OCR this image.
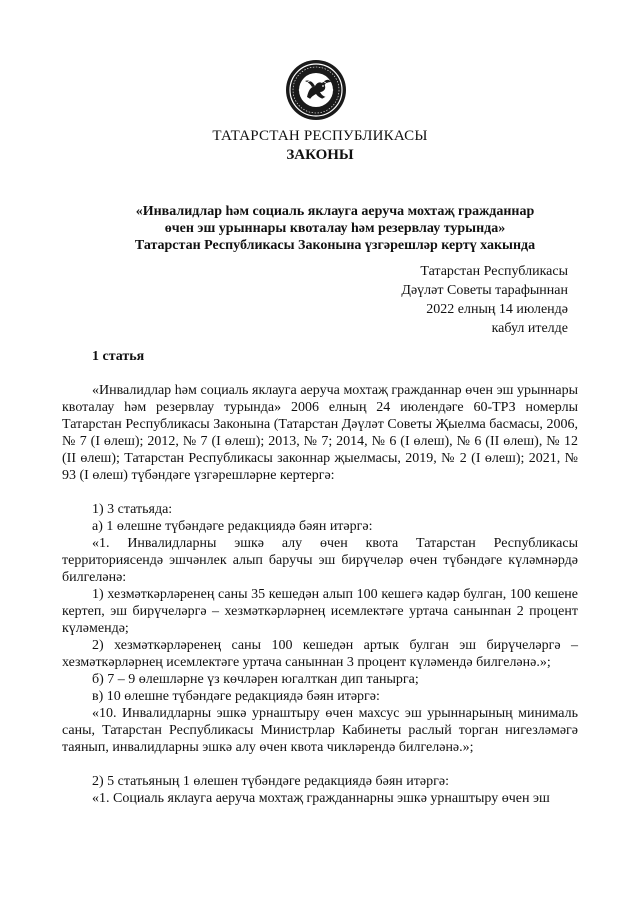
ТАТАРСТАН РЕСПУБЛИКАСЫ
ЗАКОНЫ
«Инвалидлар һәм социаль яклауга аеручa мохтаҗ гражданнар
өчен эш урыннары квоталау һәм резервлау турында»
Татарстан Республикасы Законына үзгәрешләр кертү хакында
Татарстан Республикасы
Дәүләт Советы тарафыннан
2022 елның 14 июлендә
кабул ителде
1 статья

«Инвалидлар һәм социаль яклауга аеручa мохтаҗ гражданнар өчен эш урыннары квоталау һәм резервлау турында» 2006 елның 24 июлендәге 60-ТРЗ номерлы Татарстан Республикасы Законына (Татарстан Дәүләт Советы Җыелма басмасы, 2006, № 7 (I өлеш); 2012, № 7 (I өлеш); 2013, № 7; 2014, № 6 (I өлеш), № 6 (II өлеш), № 12 (II өлеш); Татарстан Республикасы законнар җыелмасы, 2019, № 2 (I өлеш); 2021, № 93 (I өлеш) түбәндәге үзгәрешләрне кертергә:

1) 3 статьяда:

а) 1 өлешне түбәндәге редакциядә бәян итәргә:

«1. Инвалидларны эшкә алу өчен квота Татарстан Республикасы территориясендә эшчәнлек алып баручы эш бирүчеләр өчен түбәндәге күләмнәрдә билгеләнә:

1) хезмәткәрләренең саны 35 кешедән алып 100 кешегә кадәр булган, 100 кешене кертеп, эш бирүчеләргә – хезмәткәрләрнең исемлектәге уртача санынnан 2 процент күләмендә;

2) хезмәткәрләренең саны 100 кешедән артык булган эш бирүчеләргә – хезмәткәрләрнең исемлектәге уртача саныннан 3 процент күләмендә билгеләнә.»;

б) 7 – 9 өлешләрне үз көчләрен югалткан дип танырга;

в) 10 өлешне түбәндәге редакциядә бәян итәргә:

«10. Инвалидларны эшкә урнаштыру өчен махсус эш урыннарының минималь саны, Татарстан Республикасы Министрлар Кабинеты раслый торган нигезләмәгә таянып, инвалидларны эшкә алу өчен квота чикләрендә билгеләнә.»;

2) 5 статьяның 1 өлешен түбәндәге редакциядә бәян итәргә:

«1. Социаль яклауга аеручa мохтаҗ гражданнарны эшкә урнаштыру өчен эш
